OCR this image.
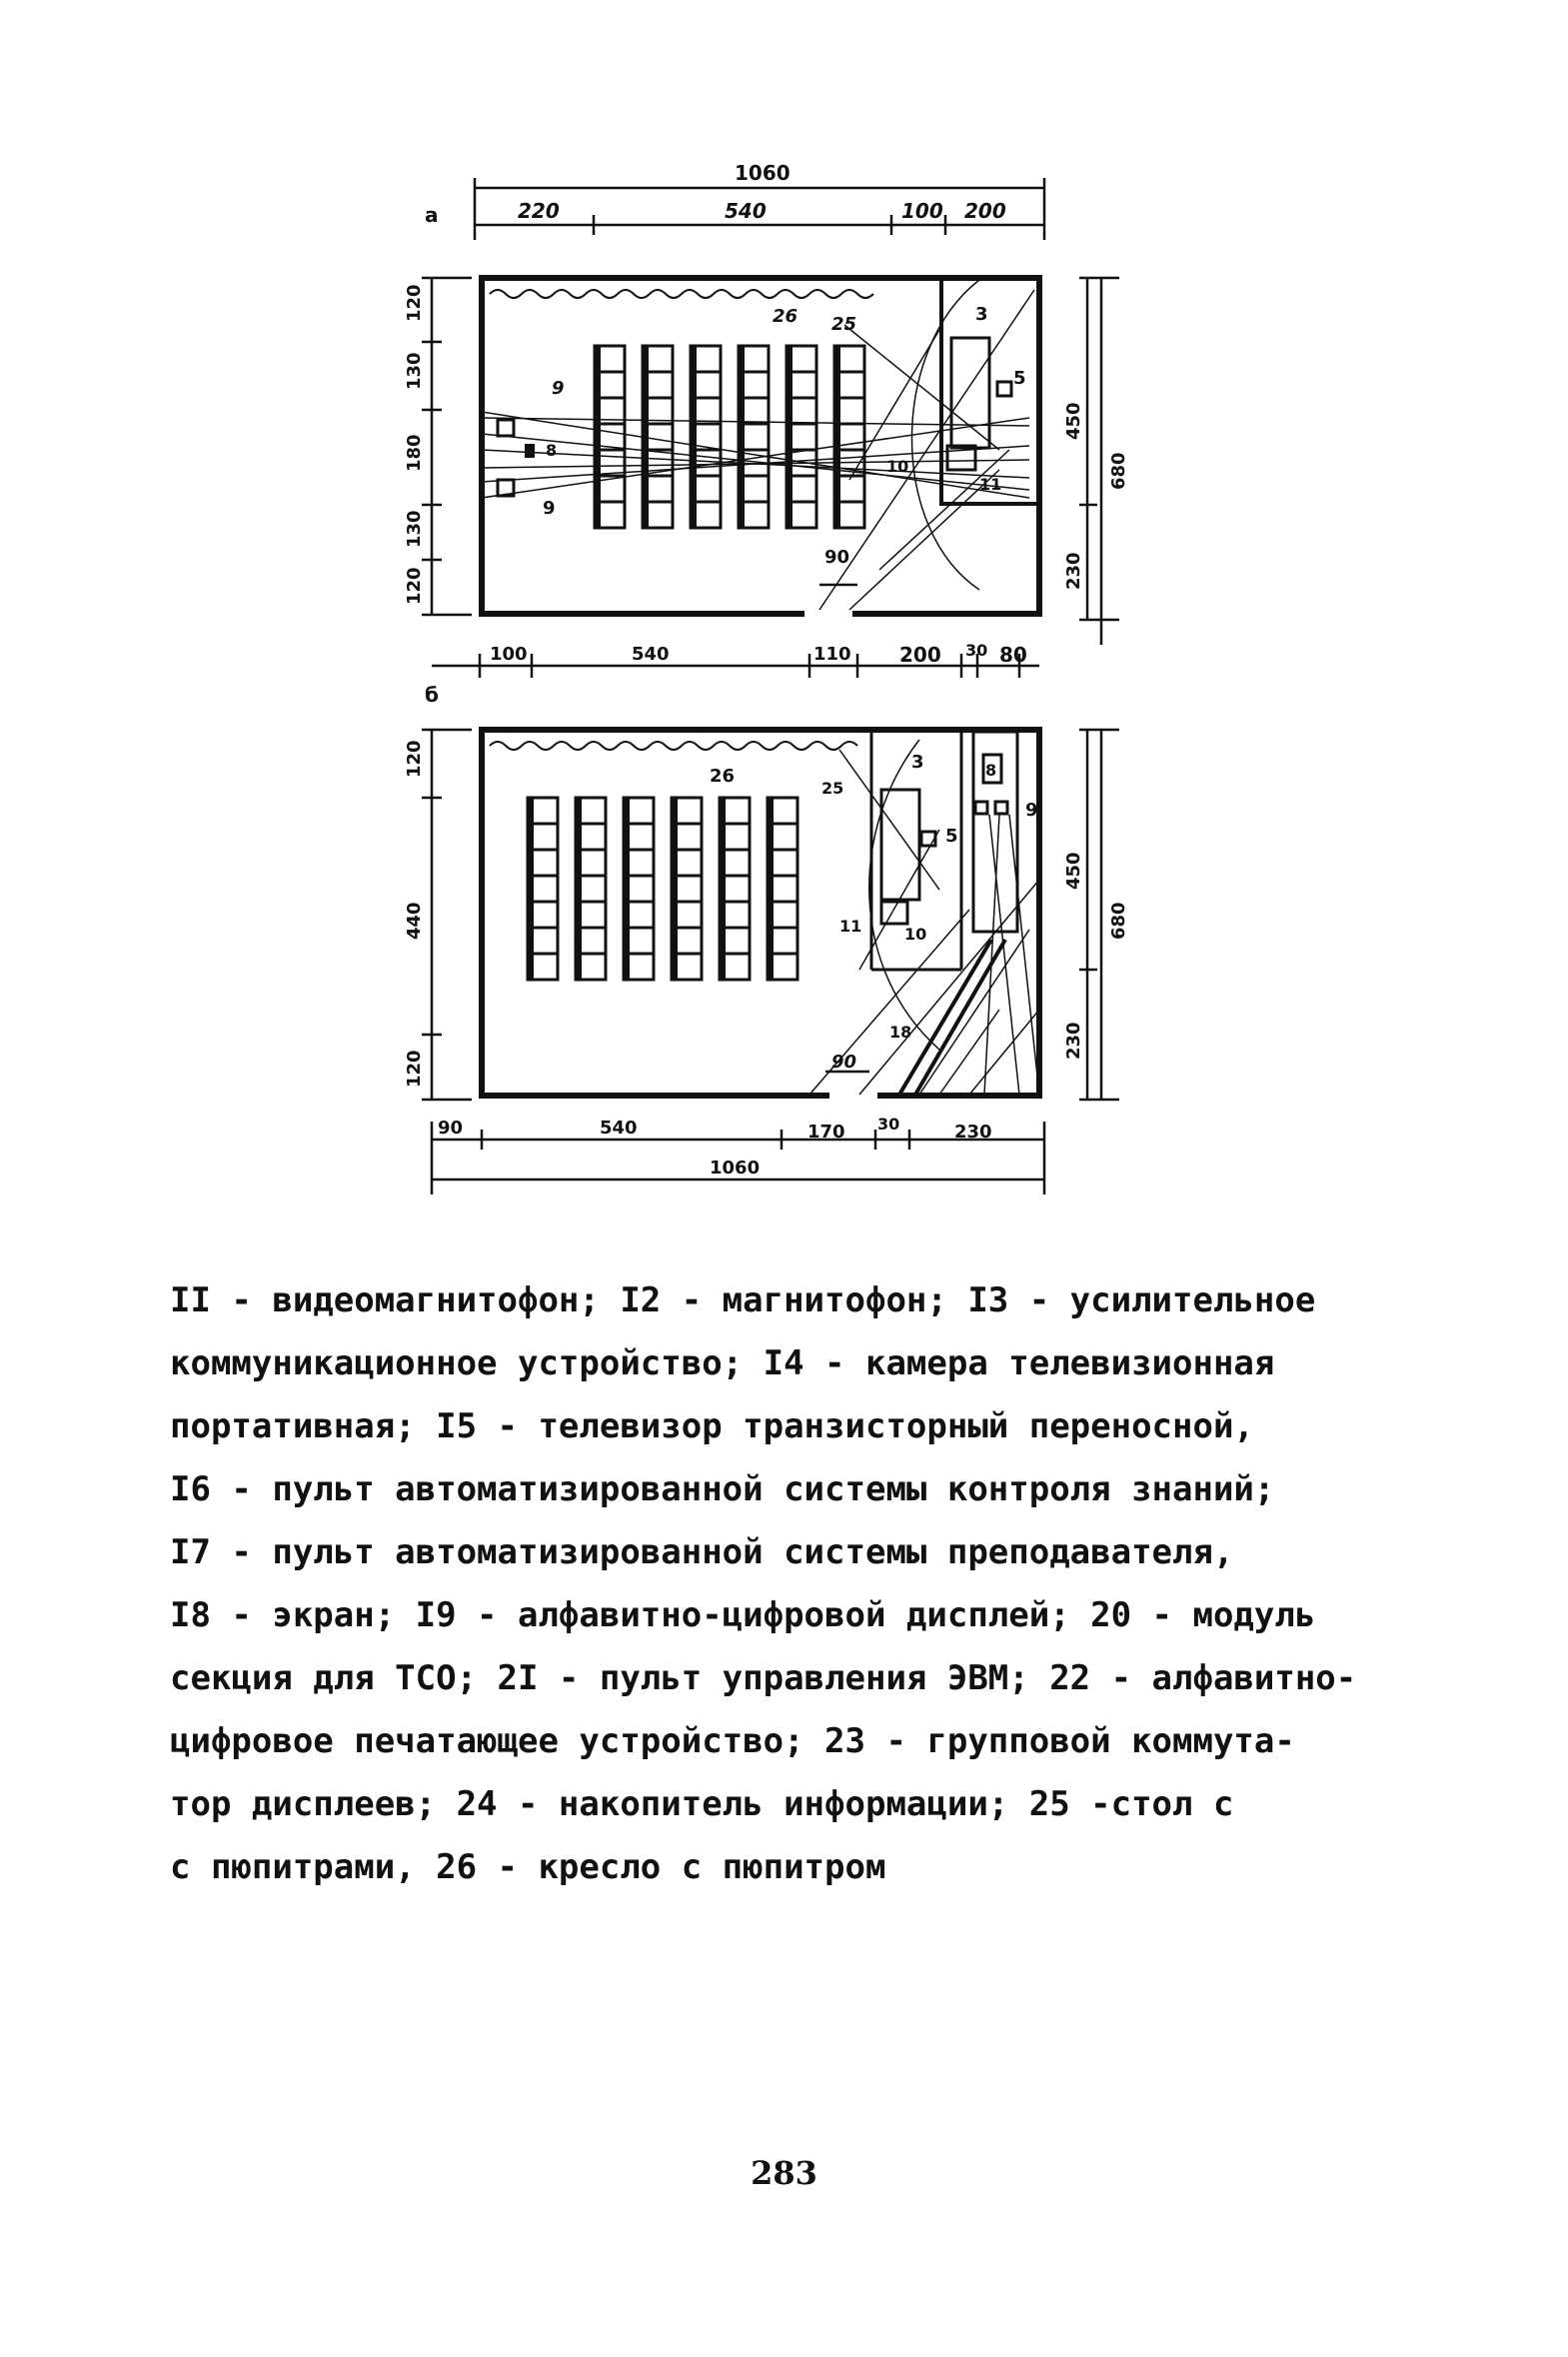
а
1060
220	540	100 200
120
130
180
130
120
450
230
680
26 25	3
5
9
8
9
10
11
90
б
100	540	110 200 30 80
120
440
120
450
230
680
26
25
3
5
8
9
11	10
18
90
90	540	170 30	230
1060
II - видеомагнитофон; I2 - магнитофон; I3 - усилительное
коммуникационное устройство; I4 - камера телевизионная
портативная; I5 - телевизор транзисторный переносной,
I6 - пульт автоматизированной системы контроля знаний;
I7 - пульт автоматизированной системы преподавателя,
I8 - экран; I9 - алфавитно-цифровой дисплей; 20 - модуль
секция для ТСО; 2I - пульт управления ЭВМ; 22 - алфавитно-
цифровое печатающее устройство; 23 - групповой коммута-
тор дисплеев; 24 - накопитель информации; 25 -стол с
с пюпитрами, 26 - кресло с пюпитром
283
